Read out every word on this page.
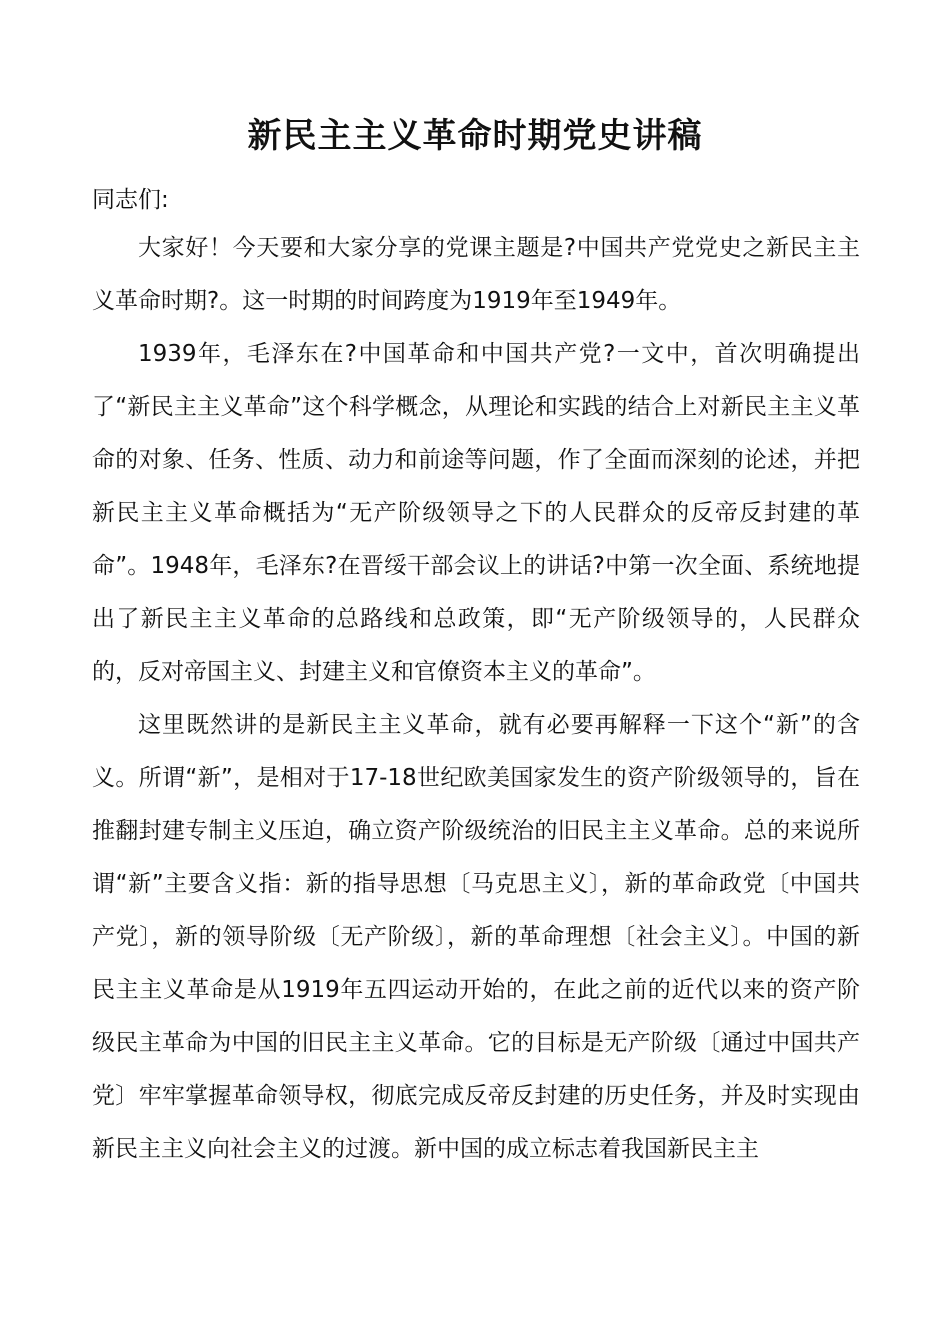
新民主主义革命时期党史讲稿

同志们:

大家好！今天要和大家分享的党课主题是?中国共产党党史之新民主主义革命时期?。这一时期的时间跨度为1919年至1949年。

1939年，毛泽东在?中国革命和中国共产党?一文中，首次明确提出了“新民主主义革命”这个科学概念，从理论和实践的结合上对新民主主义革命的对象、任务、性质、动力和前途等问题，作了全面而深刻的论述，并把新民主主义革命概括为“无产阶级领导之下的人民群众的反帝反封建的革命”。1948年，毛泽东?在晋绥干部会议上的讲话?中第一次全面、系统地提出了新民主主义革命的总路线和总政策，即“无产阶级领导的，人民群众的，反对帝国主义、封建主义和官僚资本主义的革命”。

这里既然讲的是新民主主义革命，就有必要再解释一下这个“新”的含义。所谓“新”，是相对于17-18世纪欧美国家发生的资产阶级领导的，旨在推翻封建专制主义压迫，确立资产阶级统治的旧民主主义革命。总的来说所谓“新”主要含义指：新的指导思想〔马克思主义〕，新的革命政党〔中国共产党〕，新的领导阶级〔无产阶级〕，新的革命理想〔社会主义〕。中国的新民主主义革命是从1919年五四运动开始的，在此之前的近代以来的资产阶级民主革命为中国的旧民主主义革命。它的目标是无产阶级〔通过中国共产党〕牢牢掌握革命领导权，彻底完成反帝反封建的历史任务，并及时实现由新民主主义向社会主义的过渡。新中国的成立标志着我国新民主主
